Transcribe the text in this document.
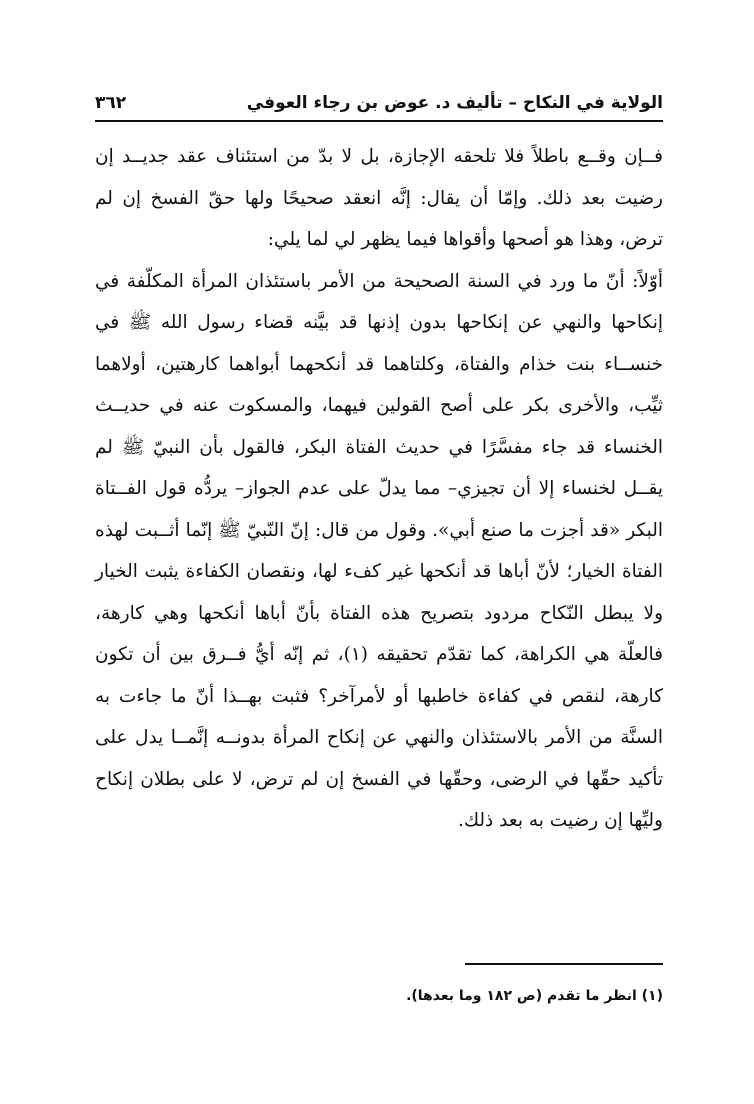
الولاية في النكاح – تأليف د. عوض بن رجاء العوفي
٣٦٢

فــإن وقــع باطلاً فلا تلحقه الإجازة، بل لا بدّ من استئناف عقد جديــد إن رضيت بعد ذلك. وإمّا أن يقال: إنَّه انعقد صحيحًا ولها حقّ الفسخ إن لم ترض، وهذا هو أصحها وأقواها فيما يظهر لي لما يلي:

أوّلاً: أنّ ما ورد في السنة الصحيحة من الأمر باستئذان المرأة المكلّفة في إنكاحها والنهي عن إنكاحها بدون إذنها قد بيَّنه قضاء رسول الله ﷺ في خنســاء بنت خذام والفتاة، وكلتاهما قد أنكحهما أبواهما كارهتين، أولاهما ثيِّب، والأخرى بكر على أصح القولين فيهما، والمسكوت عنه في حديــث الخنساء قد جاء مفسَّرًا في حديث الفتاة البكر، فالقول بأن النبيّ ﷺ لم يقــل لخنساء إلا أن تجيزي– مما يدلّ على عدم الجواز– يردُّه قول الفــتاة البكر «قد أجزت ما صنع أبي». وقول من قال: إنّ النّبيّ ﷺ إنّما أثــبت لهذه الفتاة الخيار؛ لأنّ أباها قد أنكحها غير كفء لها، ونقصان الكفاءة يثبت الخيار ولا يبطل النّكاح مردود بتصريح هذه الفتاة بأنّ أباها أنكحها وهي كارهة، فالعلّة هي الكراهة، كما تقدّم تحقيقه (١)، ثم إنّه أيُّ فــرق بين أن تكون كارهة، لنقص في كفاءة خاطبها أو لأمرآخر؟ فثبت بهــذا أنّ ما جاءت به السنَّة من الأمر بالاستئذان والنهي عن إنكاح المرأة بدونــه إنَّمــا يدل على تأكيد حقّها في الرضى، وحقّها في الفسخ إن لم ترض، لا على بطلان إنكاح وليِّها إن رضيت به بعد ذلك.

(١) انظر ما تقدم (ص ١٨٢ وما بعدها).
